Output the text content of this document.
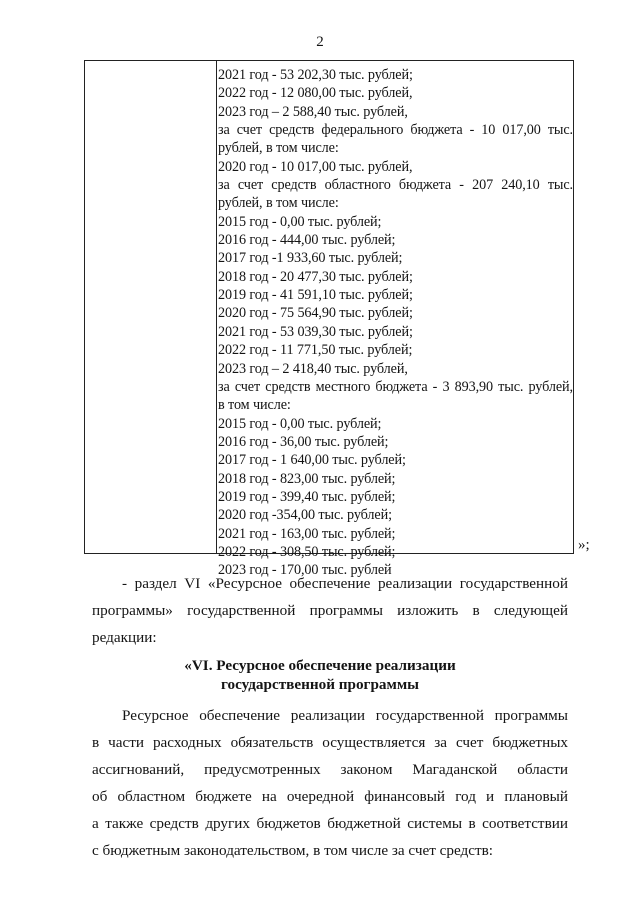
2
2021 год - 53 202,30 тыс. рублей;
2022 год - 12 080,00 тыс. рублей,
2023 год – 2 588,40 тыс. рублей,
за счет средств федерального бюджета - 10 017,00 тыс.
рублей, в том числе:
2020 год - 10 017,00 тыс. рублей,
за счет средств областного бюджета - 207 240,10 тыс.
рублей, в том числе:
2015 год - 0,00 тыс. рублей;
2016 год - 444,00 тыс. рублей;
2017 год -1 933,60 тыс. рублей;
2018 год - 20 477,30 тыс. рублей;
2019 год - 41 591,10 тыс. рублей;
2020 год - 75 564,90 тыс. рублей;
2021 год - 53 039,30 тыс. рублей;
2022 год - 11 771,50 тыс. рублей;
2023 год – 2 418,40 тыс. рублей,
за счет средств местного бюджета - 3 893,90 тыс. рублей,
в том числе:
2015 год - 0,00 тыс. рублей;
2016 год - 36,00 тыс. рублей;
2017 год - 1 640,00 тыс. рублей;
2018 год - 823,00 тыс. рублей;
2019 год - 399,40 тыс. рублей;
2020 год -354,00 тыс. рублей;
2021 год - 163,00 тыс. рублей;
2022 год - 308,50 тыс. рублей;
2023 год - 170,00 тыс. рублей
»;
- раздел VI «Ресурсное обеспечение реализации государственной
программы» государственной программы изложить в следующей
редакции:
«VI. Ресурсное обеспечение реализации
государственной программы
Ресурсное обеспечение реализации государственной программы
в части расходных обязательств осуществляется за счет бюджетных
ассигнований, предусмотренных законом Магаданской области
об областном бюджете на очередной финансовый год и плановый
а также средств других бюджетов бюджетной системы в соответствии
с бюджетным законодательством, в том числе за счет средств:
